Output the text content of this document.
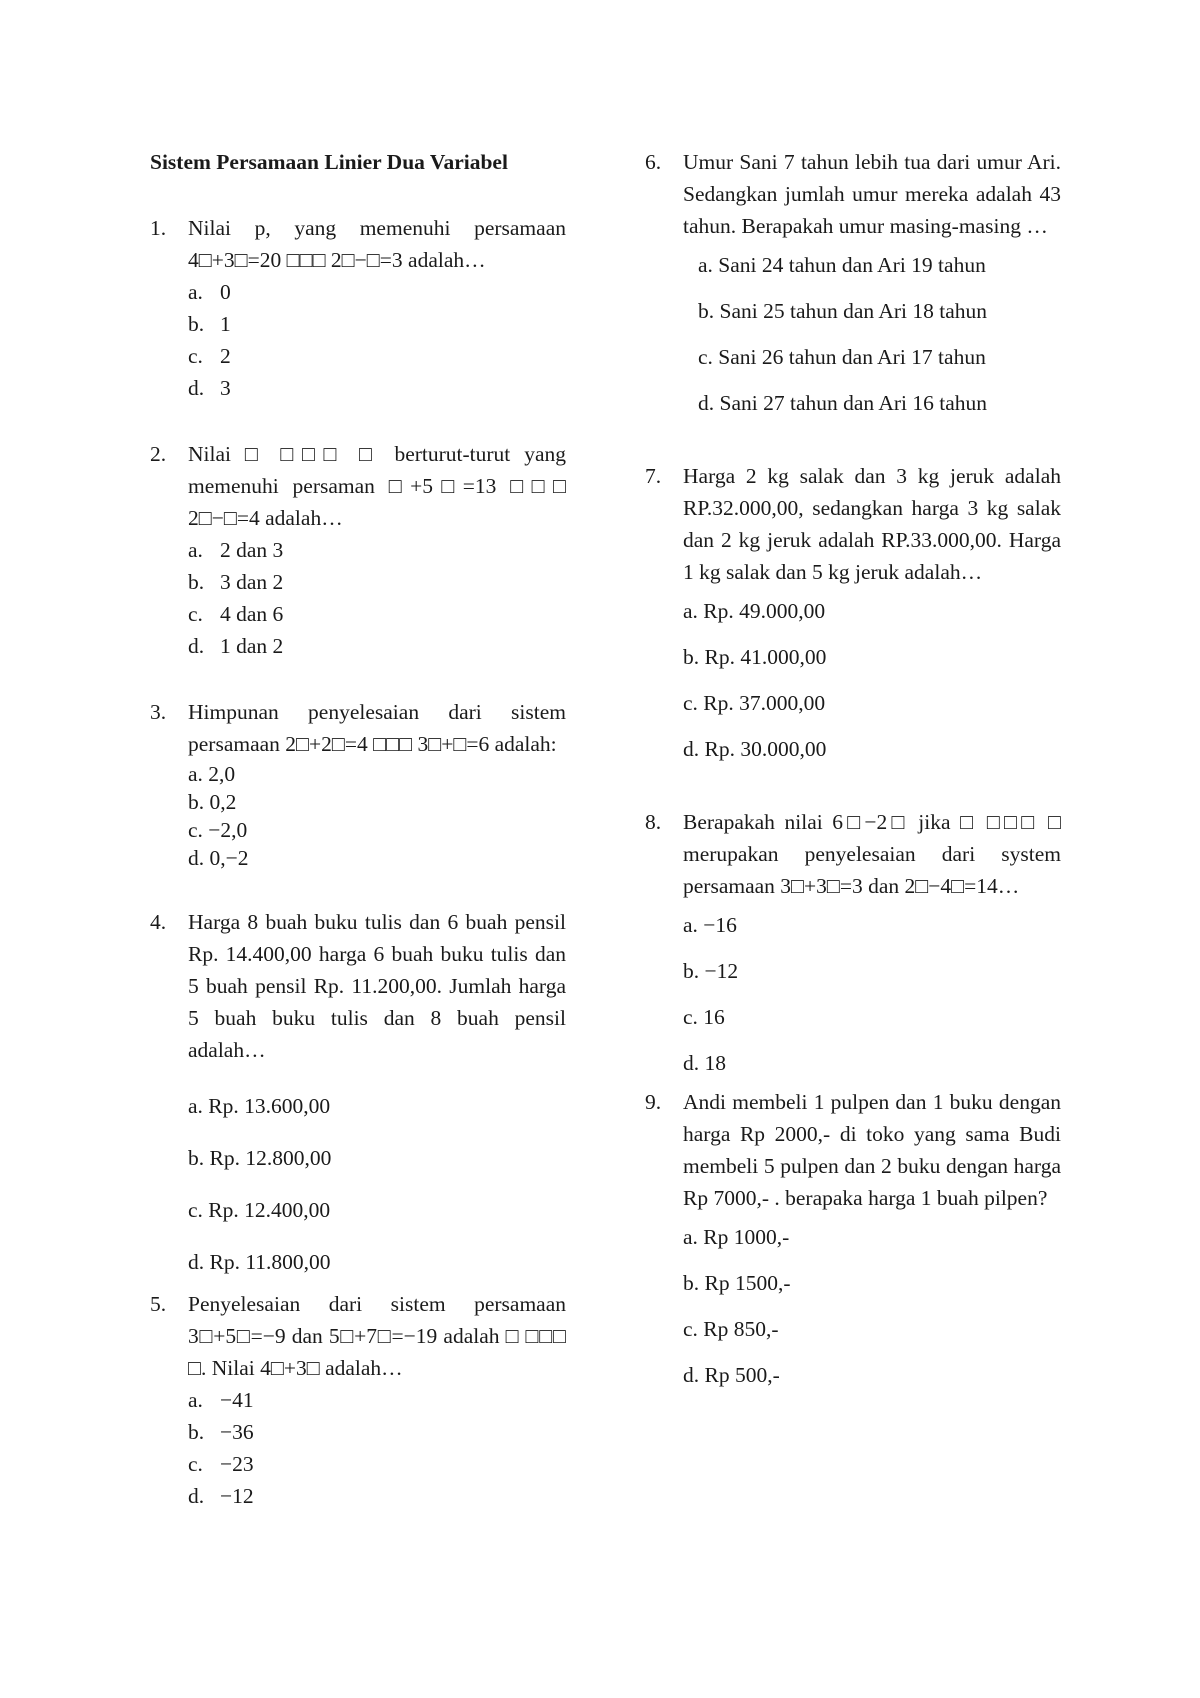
Sistem Persamaan Linier Dua Variabel
1.	Nilai p, yang memenuhi persamaan 4□+3□=20 □□□ 2□−□=3 adalah…
a. 0
b. 1
c. 2
d. 3
2.	Nilai □ □□□ □ berturut-turut yang memenuhi persaman □+5□=13 □□□ 2□−□=4 adalah…
a. 2 dan 3
b. 3 dan 2
c. 4 dan 6
d. 1 dan 2
3.	Himpunan penyelesaian dari sistem persamaan 2□+2□=4 □□□ 3□+□=6 adalah:
a. 2,0
b. 0,2
c. −2,0
d. 0,−2
4.	Harga 8 buah buku tulis dan 6 buah pensil Rp. 14.400,00 harga 6 buah buku tulis dan 5 buah pensil Rp. 11.200,00. Jumlah harga 5 buah buku tulis dan 8 buah pensil adalah…
a. Rp. 13.600,00
b. Rp. 12.800,00
c. Rp. 12.400,00
d. Rp. 11.800,00
5.	Penyelesaian dari sistem persamaan 3□+5□=−9 dan 5□+7□=−19 adalah □ □□□ □. Nilai 4□+3□ adalah…
a. −41
b. −36
c. −23
d. −12
6.	Umur Sani 7 tahun lebih tua dari umur Ari. Sedangkan jumlah umur mereka adalah 43 tahun. Berapakah umur masing-masing …
a. Sani 24 tahun dan Ari 19 tahun
b. Sani 25 tahun dan Ari 18 tahun
c. Sani 26 tahun dan Ari 17 tahun
d. Sani 27 tahun dan Ari 16 tahun
7.	Harga 2 kg salak dan 3 kg jeruk adalah RP.32.000,00, sedangkan harga 3 kg salak dan 2 kg jeruk adalah RP.33.000,00. Harga 1 kg salak dan 5 kg jeruk adalah…
a. Rp. 49.000,00
b. Rp. 41.000,00
c. Rp. 37.000,00
d. Rp. 30.000,00
8.	Berapakah nilai 6□−2□ jika □ □□□ □ merupakan penyelesaian dari system persamaan 3□+3□=3 dan 2□−4□=14…
a. −16
b. −12
c. 16
d. 18
9.	Andi membeli 1 pulpen dan 1 buku dengan harga Rp 2000,- di toko yang sama Budi membeli 5 pulpen dan 2 buku dengan harga Rp 7000,- . berapaka harga 1 buah pilpen?
a. Rp 1000,-
b. Rp 1500,-
c. Rp 850,-
d. Rp 500,-
